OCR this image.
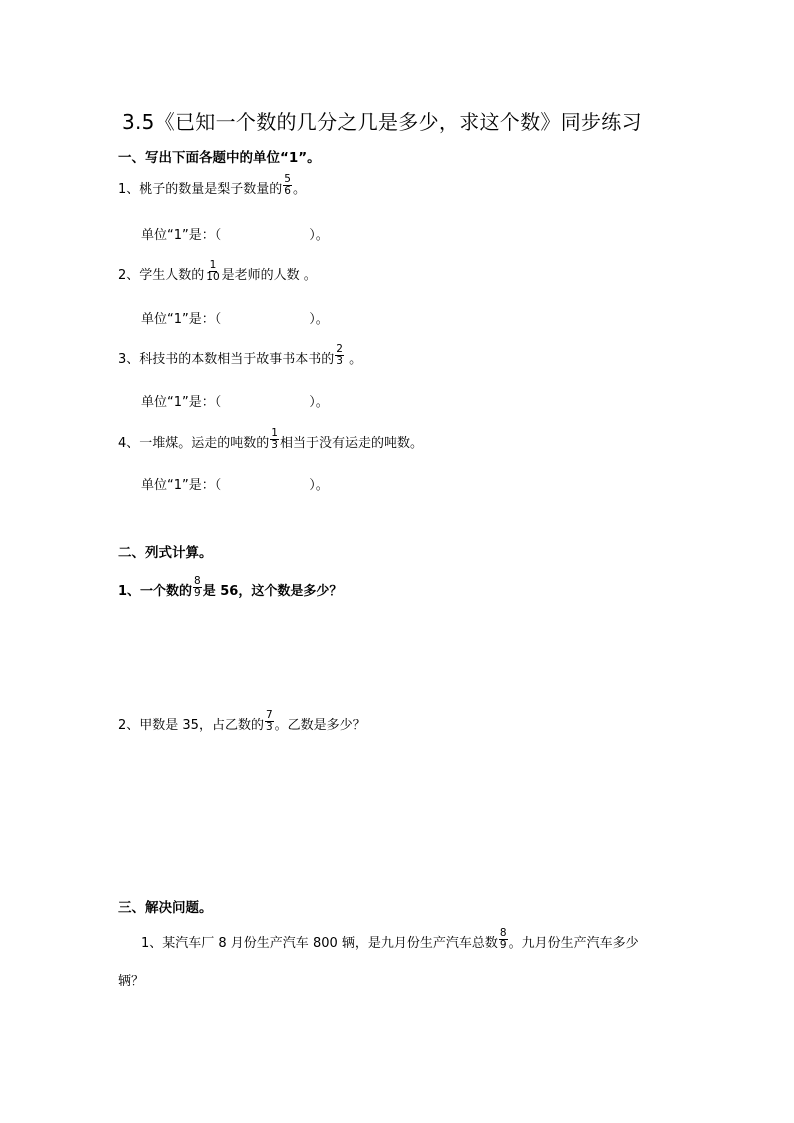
3.5《已知一个数的几分之几是多少，求这个数》同步练习
一、写出下面各题中的单位“1”。
1、桃子的数量是梨子数量的 $\frac{5}{6}$ 。
单位“1”是：（	）。
2、学生人数的 $\frac{1}{10}$ 是老师的人数 。
单位“1”是：（	）。
3、科技书的本数相当于故事书本书的 $\frac{2}{3}$ 。
单位“1”是：（	）。
4、一堆煤。运走的吨数的 $\frac{1}{3}$ 相当于没有运走的吨数。
单位“1”是：（	）。
二、列式计算。
1、一个数的 $\frac{8}{9}$ 是 56，这个数是多少？
2、甲数是 35，占乙数的 $\frac{7}{3}$ 。乙数是多少？
三、解决问题。
1、某汽车厂 8 月份生产汽车 800 辆，是九月份生产汽车总数 $\frac{8}{9}$ 。九月份生产汽车多少
辆？
